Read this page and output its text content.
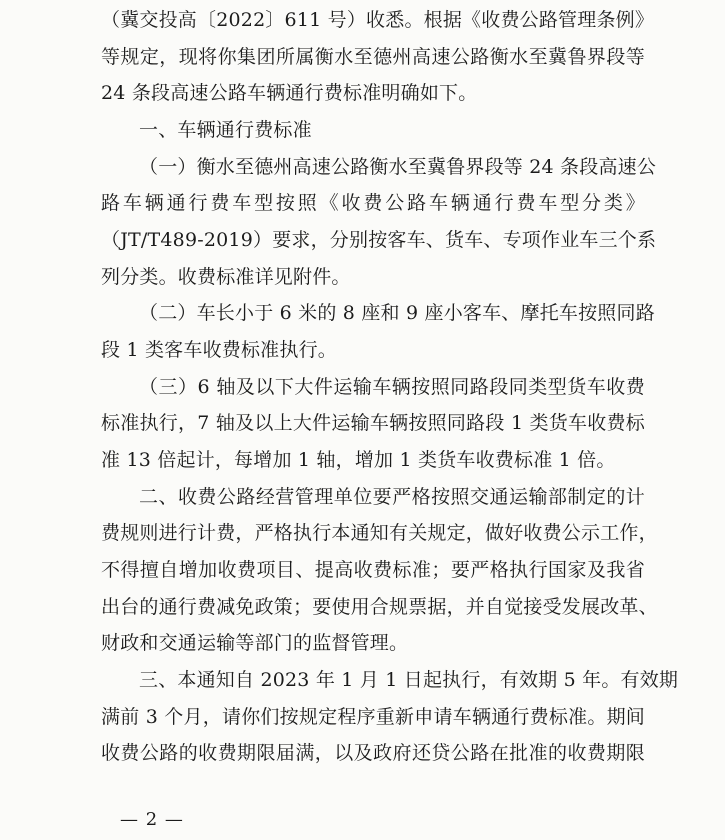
（冀交投高〔2022〕611 号）收悉。根据《收费公路管理条例》
等规定，现将你集团所属衡水至德州高速公路衡水至冀鲁界段等
24 条段高速公路车辆通行费标准明确如下。
一、车辆通行费标准
（一）衡水至德州高速公路衡水至冀鲁界段等 24 条段高速公
路车辆通行费车型按照《收费公路车辆通行费车型分类》
（JT/T489-2019）要求，分别按客车、货车、专项作业车三个系
列分类。收费标准详见附件。
（二）车长小于 6 米的 8 座和 9 座小客车、摩托车按照同路
段 1 类客车收费标准执行。
（三）6 轴及以下大件运输车辆按照同路段同类型货车收费
标准执行，7 轴及以上大件运输车辆按照同路段 1 类货车收费标
准 13 倍起计，每增加 1 轴，增加 1 类货车收费标准 1 倍。
二、收费公路经营管理单位要严格按照交通运输部制定的计
费规则进行计费，严格执行本通知有关规定，做好收费公示工作，
不得擅自增加收费项目、提高收费标准；要严格执行国家及我省
出台的通行费减免政策；要使用合规票据，并自觉接受发展改革、
财政和交通运输等部门的监督管理。
三、本通知自 2023 年 1 月 1 日起执行，有效期 5 年。有效期
满前 3 个月，请你们按规定程序重新申请车辆通行费标准。期间
收费公路的收费期限届满，以及政府还贷公路在批准的收费期限
— 2 —
